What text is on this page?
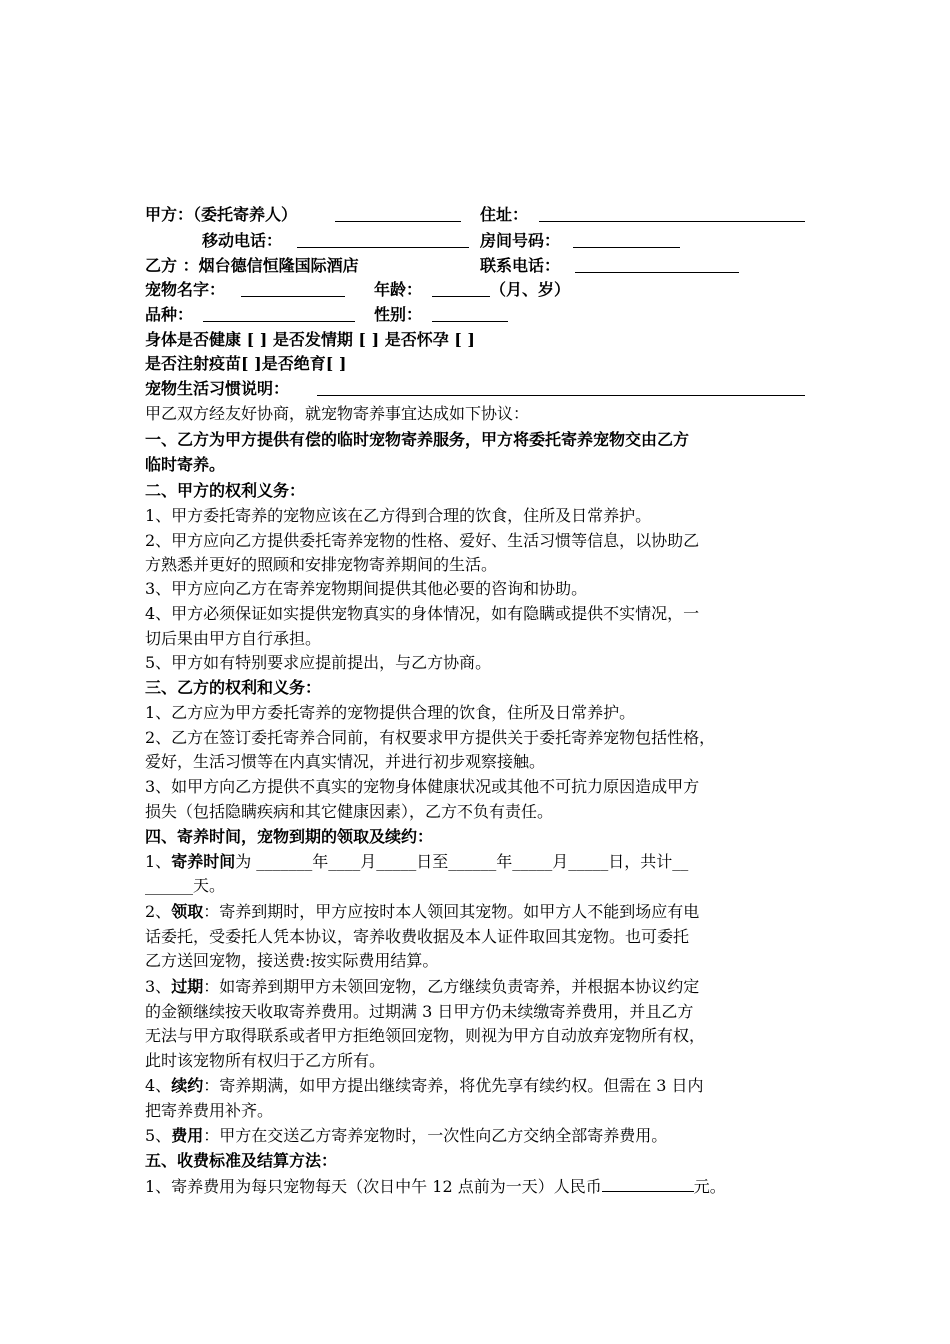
甲方：（委托寄养人）	住址：
移动电话：	房间号码：
乙方 ：烟台德信恒隆国际酒店	联系电话：
宠物名字：	年龄：	（月、岁）
品种：	性别：
身体是否健康 [ ] 是否发情期 [ ] 是否怀孕 [ ]
是否注射疫苗[ ]是否绝育[ ]
宠物生活习惯说明：
甲乙双方经友好协商，就宠物寄养事宜达成如下协议：
一、乙方为甲方提供有偿的临时宠物寄养服务，甲方将委托寄养宠物交由乙方
临时寄养。
二、甲方的权利义务：
1、甲方委托寄养的宠物应该在乙方得到合理的饮食，住所及日常养护。
2、甲方应向乙方提供委托寄养宠物的性格、爱好、生活习惯等信息，以协助乙
方熟悉并更好的照顾和安排宠物寄养期间的生活。
3、甲方应向乙方在寄养宠物期间提供其他必要的咨询和协助。
4、甲方必须保证如实提供宠物真实的身体情况，如有隐瞒或提供不实情况，一
切后果由甲方自行承担。
5、甲方如有特别要求应提前提出，与乙方协商。
三、乙方的权利和义务：
1、乙方应为甲方委托寄养的宠物提供合理的饮食，住所及日常养护。
2、乙方在签订委托寄养合同前，有权要求甲方提供关于委托寄养宠物包括性格，
爱好，生活习惯等在内真实情况，并进行初步观察接触。
3、如甲方向乙方提供不真实的宠物身体健康状况或其他不可抗力原因造成甲方
损失（包括隐瞒疾病和其它健康因素），乙方不负有责任。
四、寄养时间，宠物到期的领取及续约：
1、寄养时间为 _______年____月_____日至______年_____月_____日，共计__
______天。
2、领取：寄养到期时，甲方应按时本人领回其宠物。如甲方人不能到场应有电
话委托，受委托人凭本协议，寄养收费收据及本人证件取回其宠物。也可委托
乙方送回宠物，接送费:按实际费用结算。
3、过期：如寄养到期甲方未领回宠物，乙方继续负责寄养，并根据本协议约定
的金额继续按天收取寄养费用。过期满 3 日甲方仍未续缴寄养费用，并且乙方
无法与甲方取得联系或者甲方拒绝领回宠物，则视为甲方自动放弃宠物所有权，
此时该宠物所有权归于乙方所有。
4、续约：寄养期满，如甲方提出继续寄养，将优先享有续约权。但需在 3 日内
把寄养费用补齐。
5、费用：甲方在交送乙方寄养宠物时，一次性向乙方交纳全部寄养费用。
五、收费标准及结算方法：
1、寄养费用为每只宠物每天（次日中午 12 点前为一天）人民币	元。
